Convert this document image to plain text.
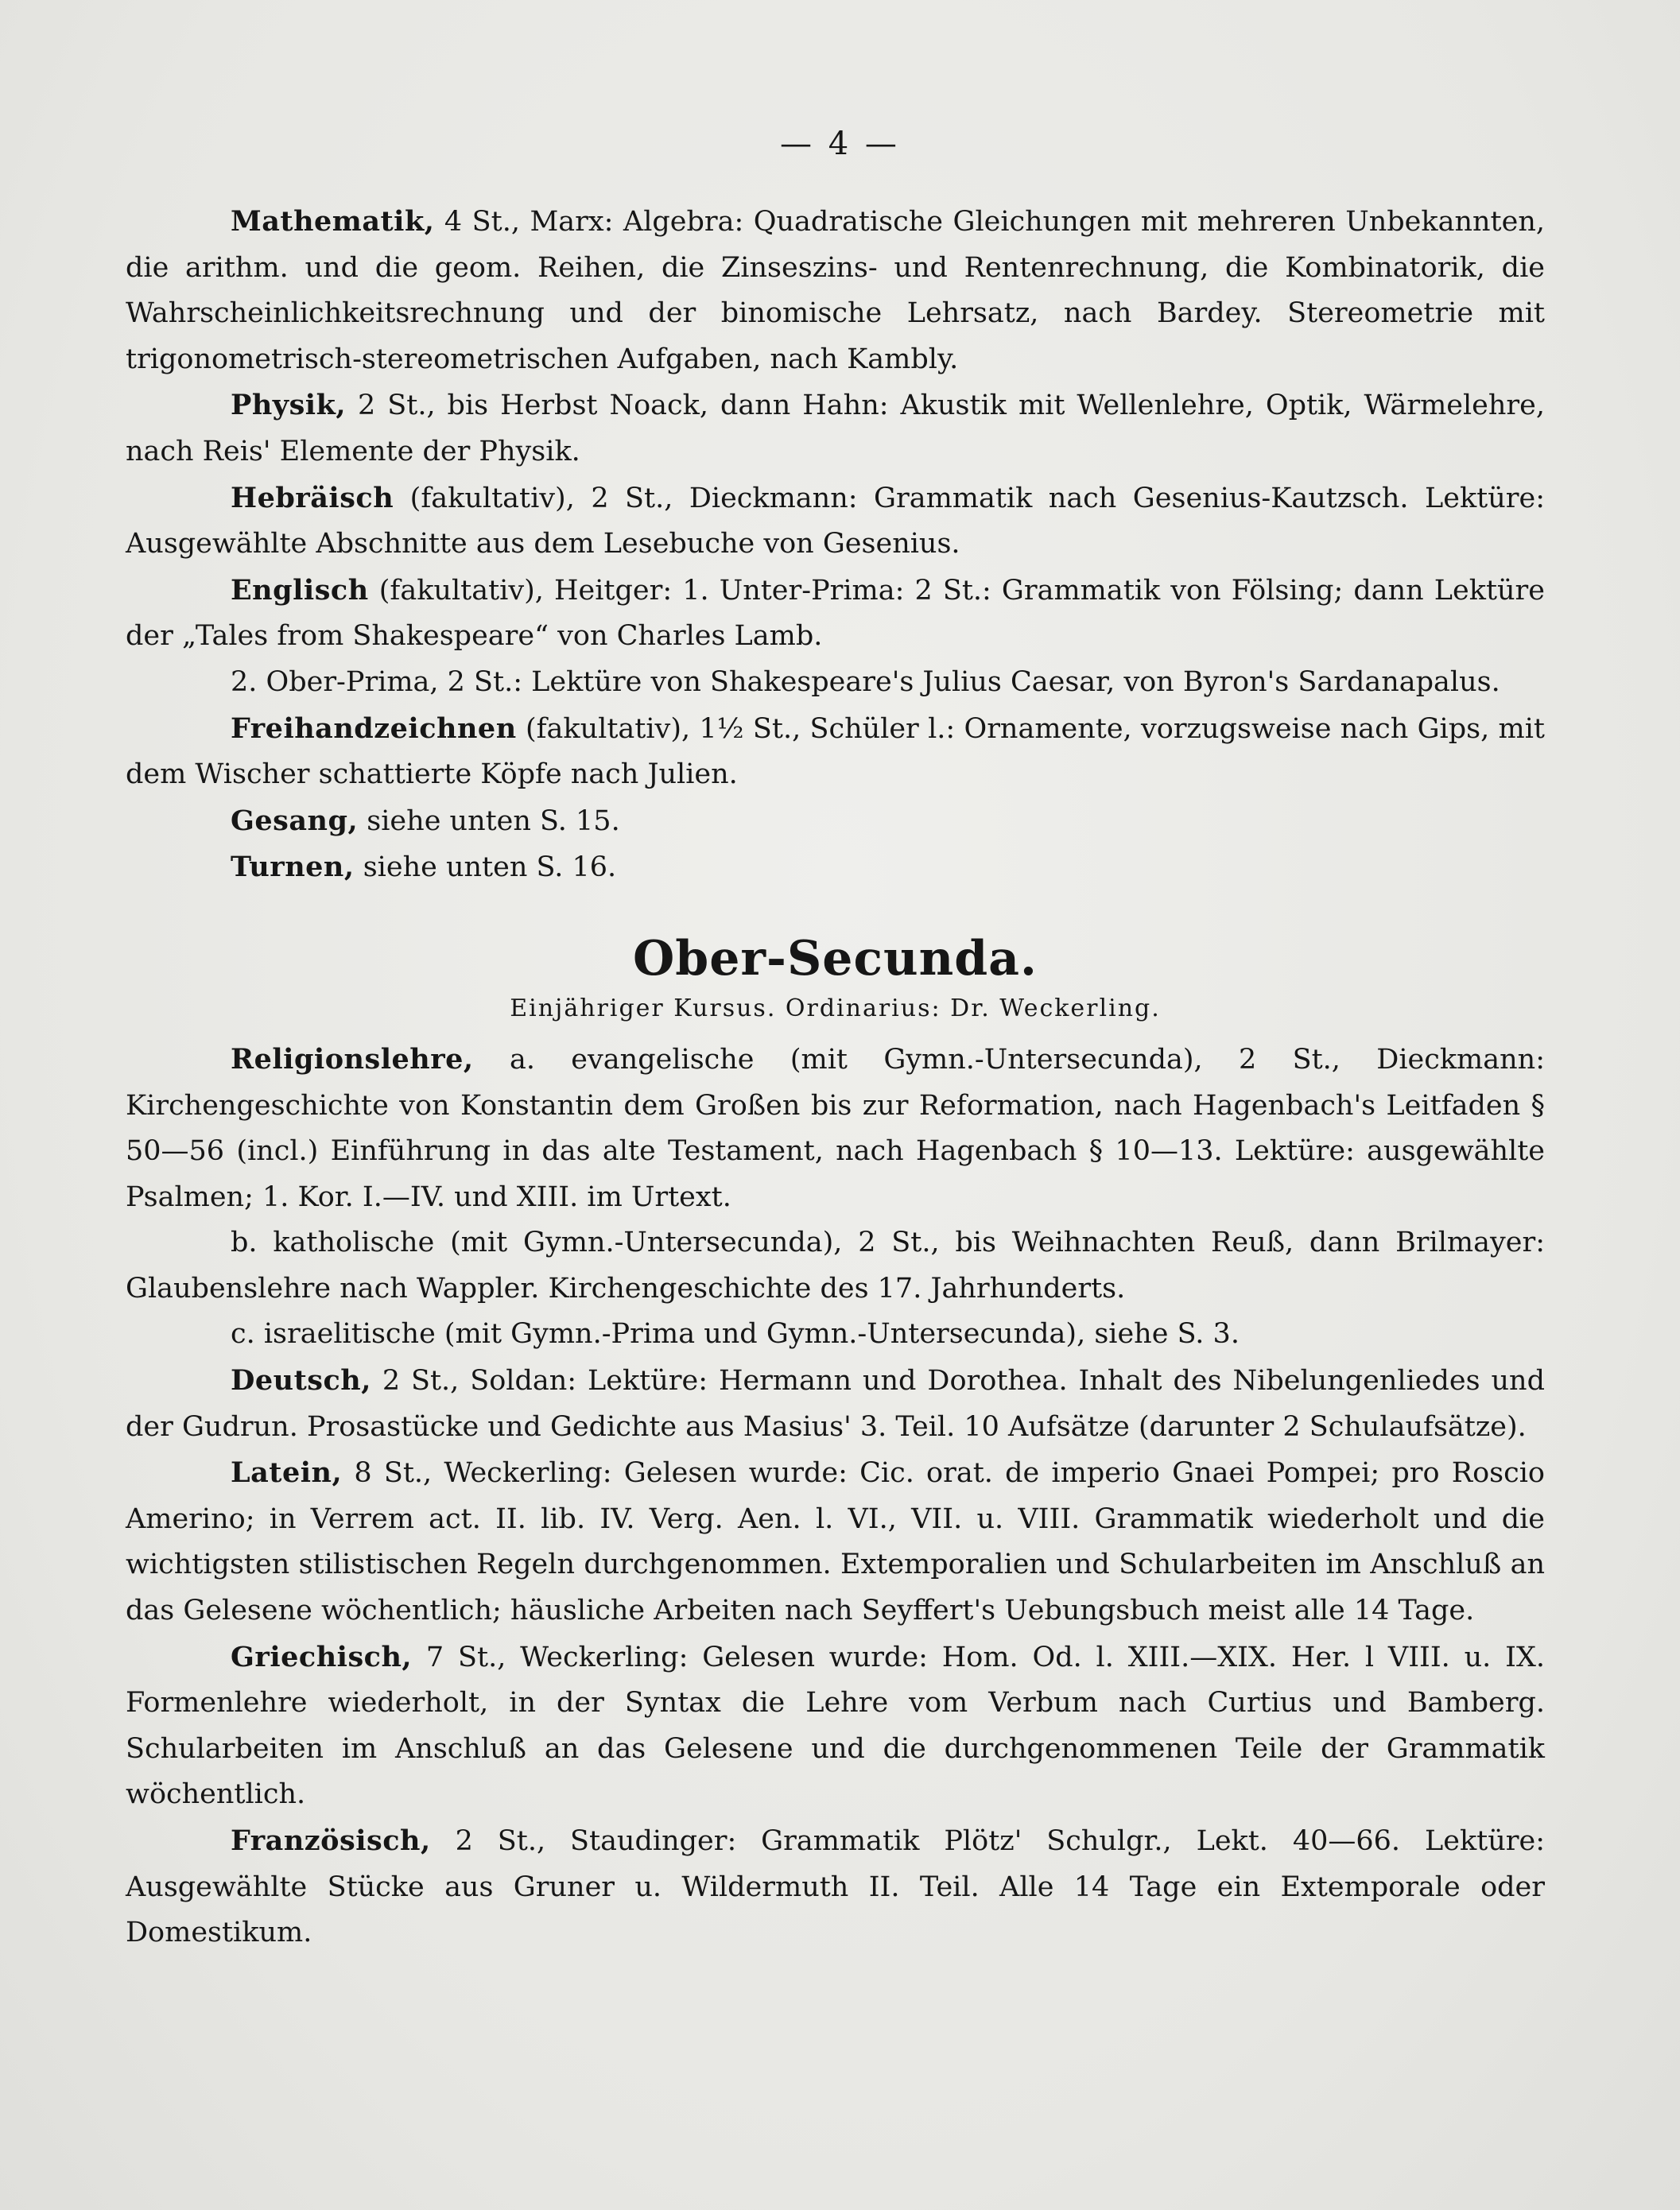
— 4 —

Mathematik, 4 St., Marx: Algebra: Quadratische Gleichungen mit mehreren Unbekannten, die arithm. und die geom. Reihen, die Zinseszins- und Rentenrechnung, die Kombinatorik, die Wahrscheinlichkeitsrechnung und der binomische Lehrsatz, nach Bardey. Stereometrie mit trigonometrisch-stereometrischen Aufgaben, nach Kambly.

Physik, 2 St., bis Herbst Noack, dann Hahn: Akustik mit Wellenlehre, Optik, Wärmelehre, nach Reis' Elemente der Physik.

Hebräisch (fakultativ), 2 St., Dieckmann: Grammatik nach Gesenius-Kautzsch. Lektüre: Ausgewählte Abschnitte aus dem Lesebuche von Gesenius.

Englisch (fakultativ), Heitger: 1. Unter-Prima: 2 St.: Grammatik von Fölsing; dann Lektüre der „Tales from Shakespeare“ von Charles Lamb.

2. Ober-Prima, 2 St.: Lektüre von Shakespeare's Julius Caesar, von Byron's Sardanapalus.

Freihandzeichnen (fakultativ), 1½ St., Schüler l.: Ornamente, vorzugsweise nach Gips, mit dem Wischer schattierte Köpfe nach Julien.

Gesang, siehe unten S. 15.

Turnen, siehe unten S. 16.

Ober-Secunda.
Einjähriger Kursus. Ordinarius: Dr. Weckerling.

Religionslehre, a. evangelische (mit Gymn.-Untersecunda), 2 St., Dieckmann: Kirchengeschichte von Konstantin dem Großen bis zur Reformation, nach Hagenbach's Leitfaden § 50—56 (incl.) Einführung in das alte Testament, nach Hagenbach § 10—13. Lektüre: ausgewählte Psalmen; 1. Kor. I.—IV. und XIII. im Urtext.

b. katholische (mit Gymn.-Untersecunda), 2 St., bis Weihnachten Reuß, dann Brilmayer: Glaubenslehre nach Wappler. Kirchengeschichte des 17. Jahrhunderts.

c. israelitische (mit Gymn.-Prima und Gymn.-Untersecunda), siehe S. 3.

Deutsch, 2 St., Soldan: Lektüre: Hermann und Dorothea. Inhalt des Nibelungenliedes und der Gudrun. Prosastücke und Gedichte aus Masius' 3. Teil. 10 Aufsätze (darunter 2 Schulaufsätze).

Latein, 8 St., Weckerling: Gelesen wurde: Cic. orat. de imperio Gnaei Pompei; pro Roscio Amerino; in Verrem act. II. lib. IV. Verg. Aen. l. VI., VII. u. VIII. Grammatik wiederholt und die wichtigsten stilistischen Regeln durchgenommen. Extemporalien und Schularbeiten im Anschluß an das Gelesene wöchentlich; häusliche Arbeiten nach Seyffert's Uebungsbuch meist alle 14 Tage.

Griechisch, 7 St., Weckerling: Gelesen wurde: Hom. Od. l. XIII.—XIX. Her. l VIII. u. IX. Formenlehre wiederholt, in der Syntax die Lehre vom Verbum nach Curtius und Bamberg. Schularbeiten im Anschluß an das Gelesene und die durchgenommenen Teile der Grammatik wöchentlich.

Französisch, 2 St., Staudinger: Grammatik Plötz' Schulgr., Lekt. 40—66. Lektüre: Ausgewählte Stücke aus Gruner u. Wildermuth II. Teil. Alle 14 Tage ein Extemporale oder Domestikum.
